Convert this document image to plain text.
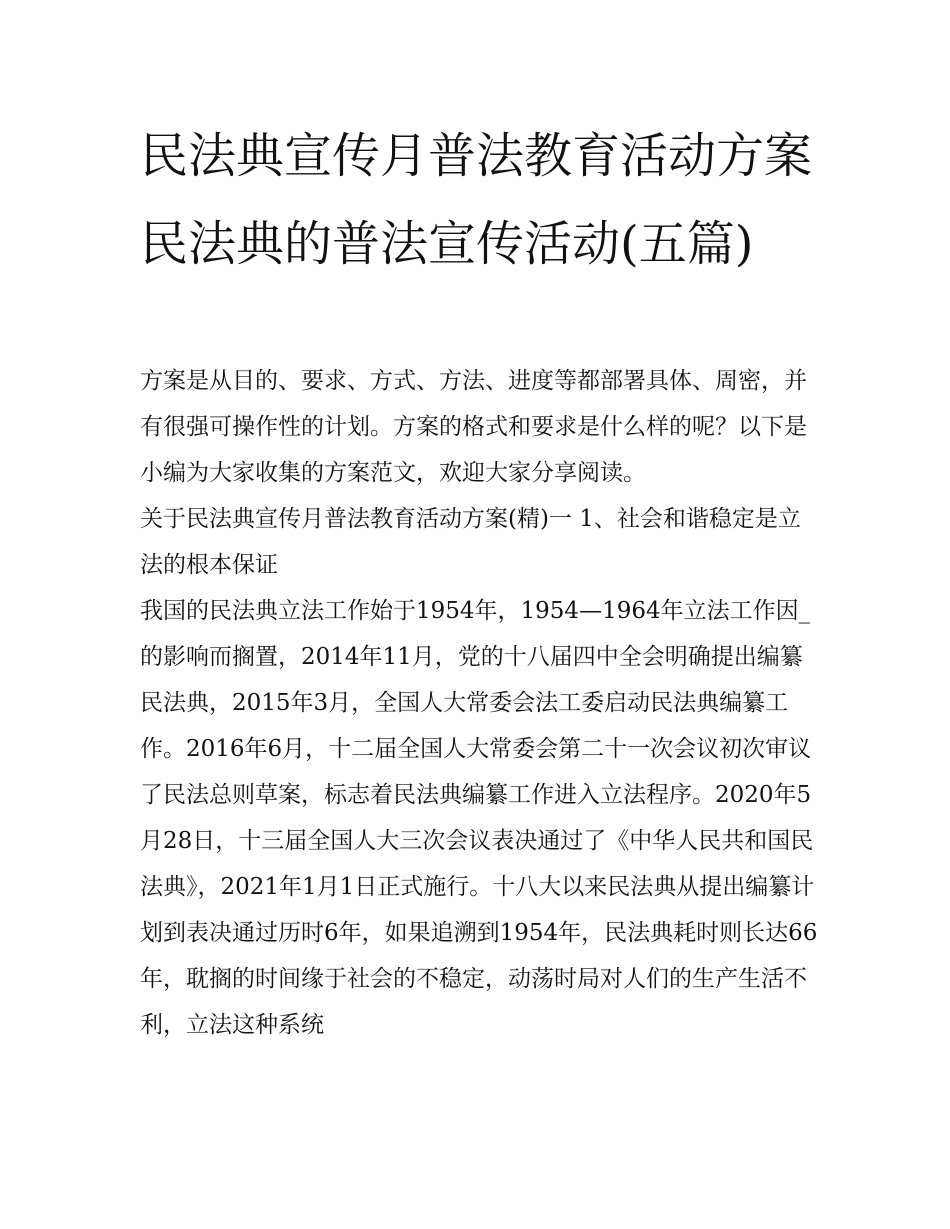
民法典宣传月普法教育活动方案 民法典的普法宣传活动(五篇)

方案是从目的、要求、方式、方法、进度等都部署具体、周密，并有很强可操作性的计划。方案的格式和要求是什么样的呢？以下是小编为大家收集的方案范文，欢迎大家分享阅读。

关于民法典宣传月普法教育活动方案(精)一 1、社会和谐稳定是立法的根本保证

我国的民法典立法工作始于1954年，1954—1964年立法工作因_的影响而搁置，2014年11月，党的十八届四中全会明确提出编纂民法典，2015年3月，全国人大常委会法工委启动民法典编纂工作。2016年6月，十二届全国人大常委会第二十一次会议初次审议了民法总则草案，标志着民法典编纂工作进入立法程序。2020年5月28日，十三届全国人大三次会议表决通过了《中华人民共和国民法典》，2021年1月1日正式施行。十八大以来民法典从提出编纂计划到表决通过历时6年，如果追溯到1954年，民法典耗时则长达66年，耽搁的时间缘于社会的不稳定，动荡时局对人们的生产生活不利，立法这种系统
